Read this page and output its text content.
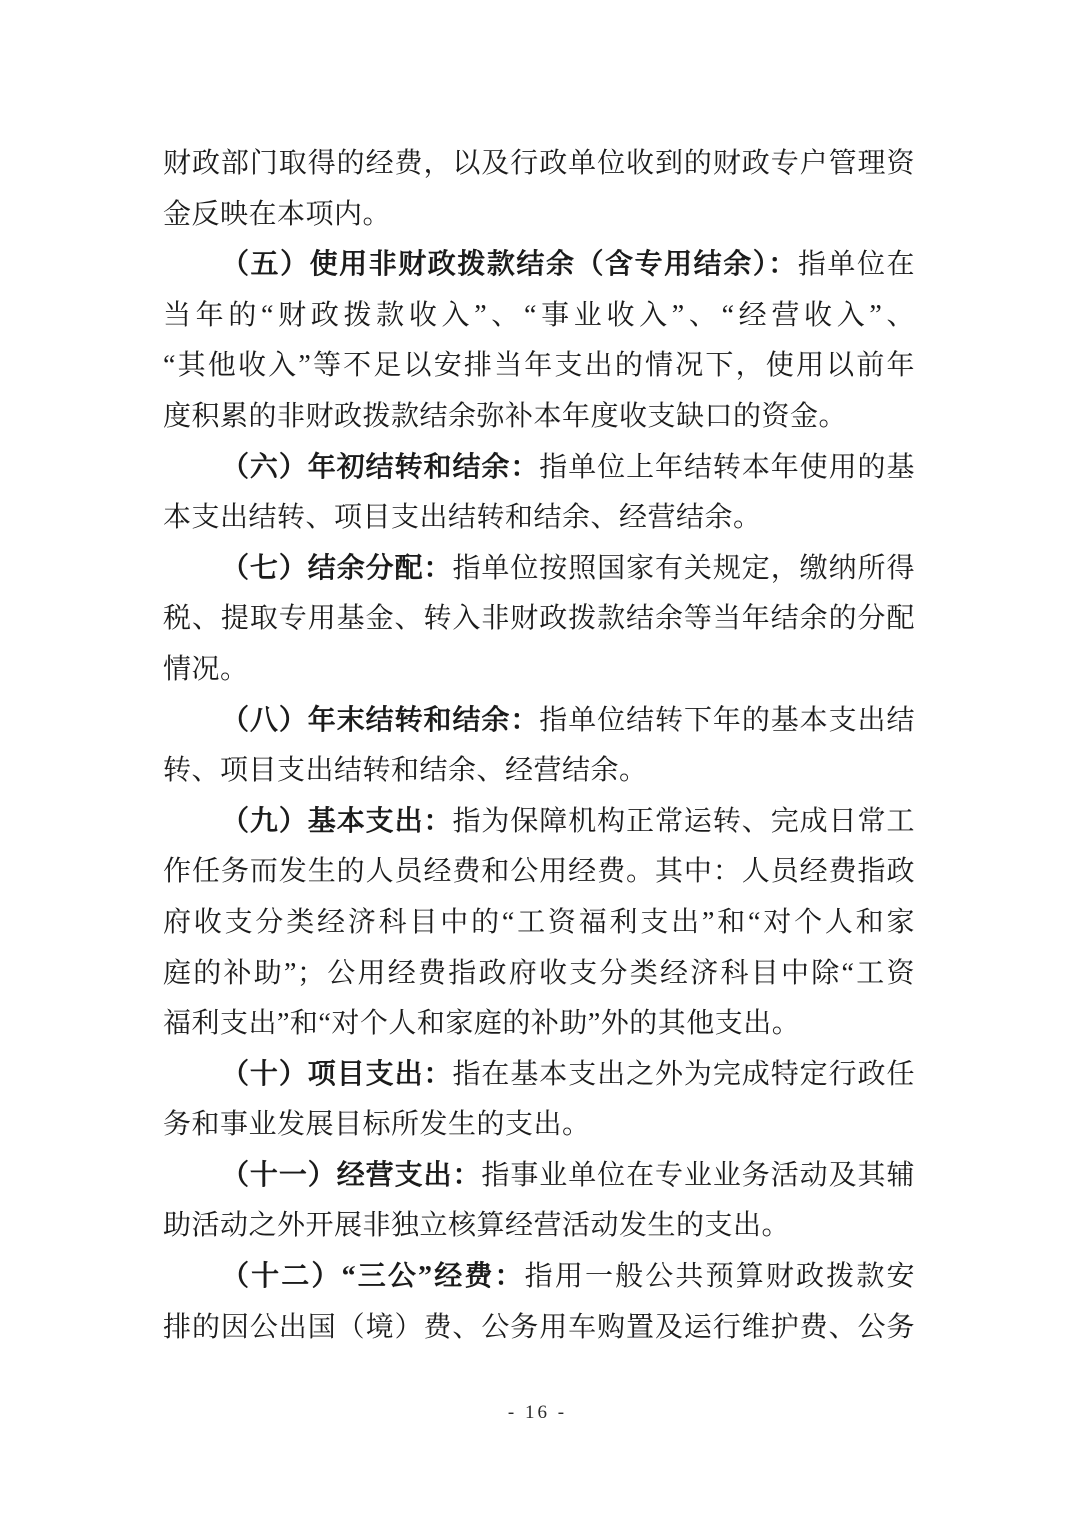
财政部门取得的经费，以及行政单位收到的财政专户管理资
金反映在本项内。
（五）使用非财政拨款结余（含专用结余）：指单位在
当年的“财政拨款收入”、“事业收入”、“经营收入”、
“其他收入”等不足以安排当年支出的情况下，使用以前年
度积累的非财政拨款结余弥补本年度收支缺口的资金。
（六）年初结转和结余：指单位上年结转本年使用的基
本支出结转、项目支出结转和结余、经营结余。
（七）结余分配：指单位按照国家有关规定，缴纳所得
税、提取专用基金、转入非财政拨款结余等当年结余的分配
情况。
（八）年末结转和结余：指单位结转下年的基本支出结
转、项目支出结转和结余、经营结余。
（九）基本支出：指为保障机构正常运转、完成日常工
作任务而发生的人员经费和公用经费。其中：人员经费指政
府收支分类经济科目中的“工资福利支出”和“对个人和家
庭的补助”；公用经费指政府收支分类经济科目中除“工资
福利支出”和“对个人和家庭的补助”外的其他支出。
（十）项目支出：指在基本支出之外为完成特定行政任
务和事业发展目标所发生的支出。
（十一）经营支出：指事业单位在专业业务活动及其辅
助活动之外开展非独立核算经营活动发生的支出。
（十二）“三公”经费：指用一般公共预算财政拨款安
排的因公出国（境）费、公务用车购置及运行维护费、公务
- 16 -
